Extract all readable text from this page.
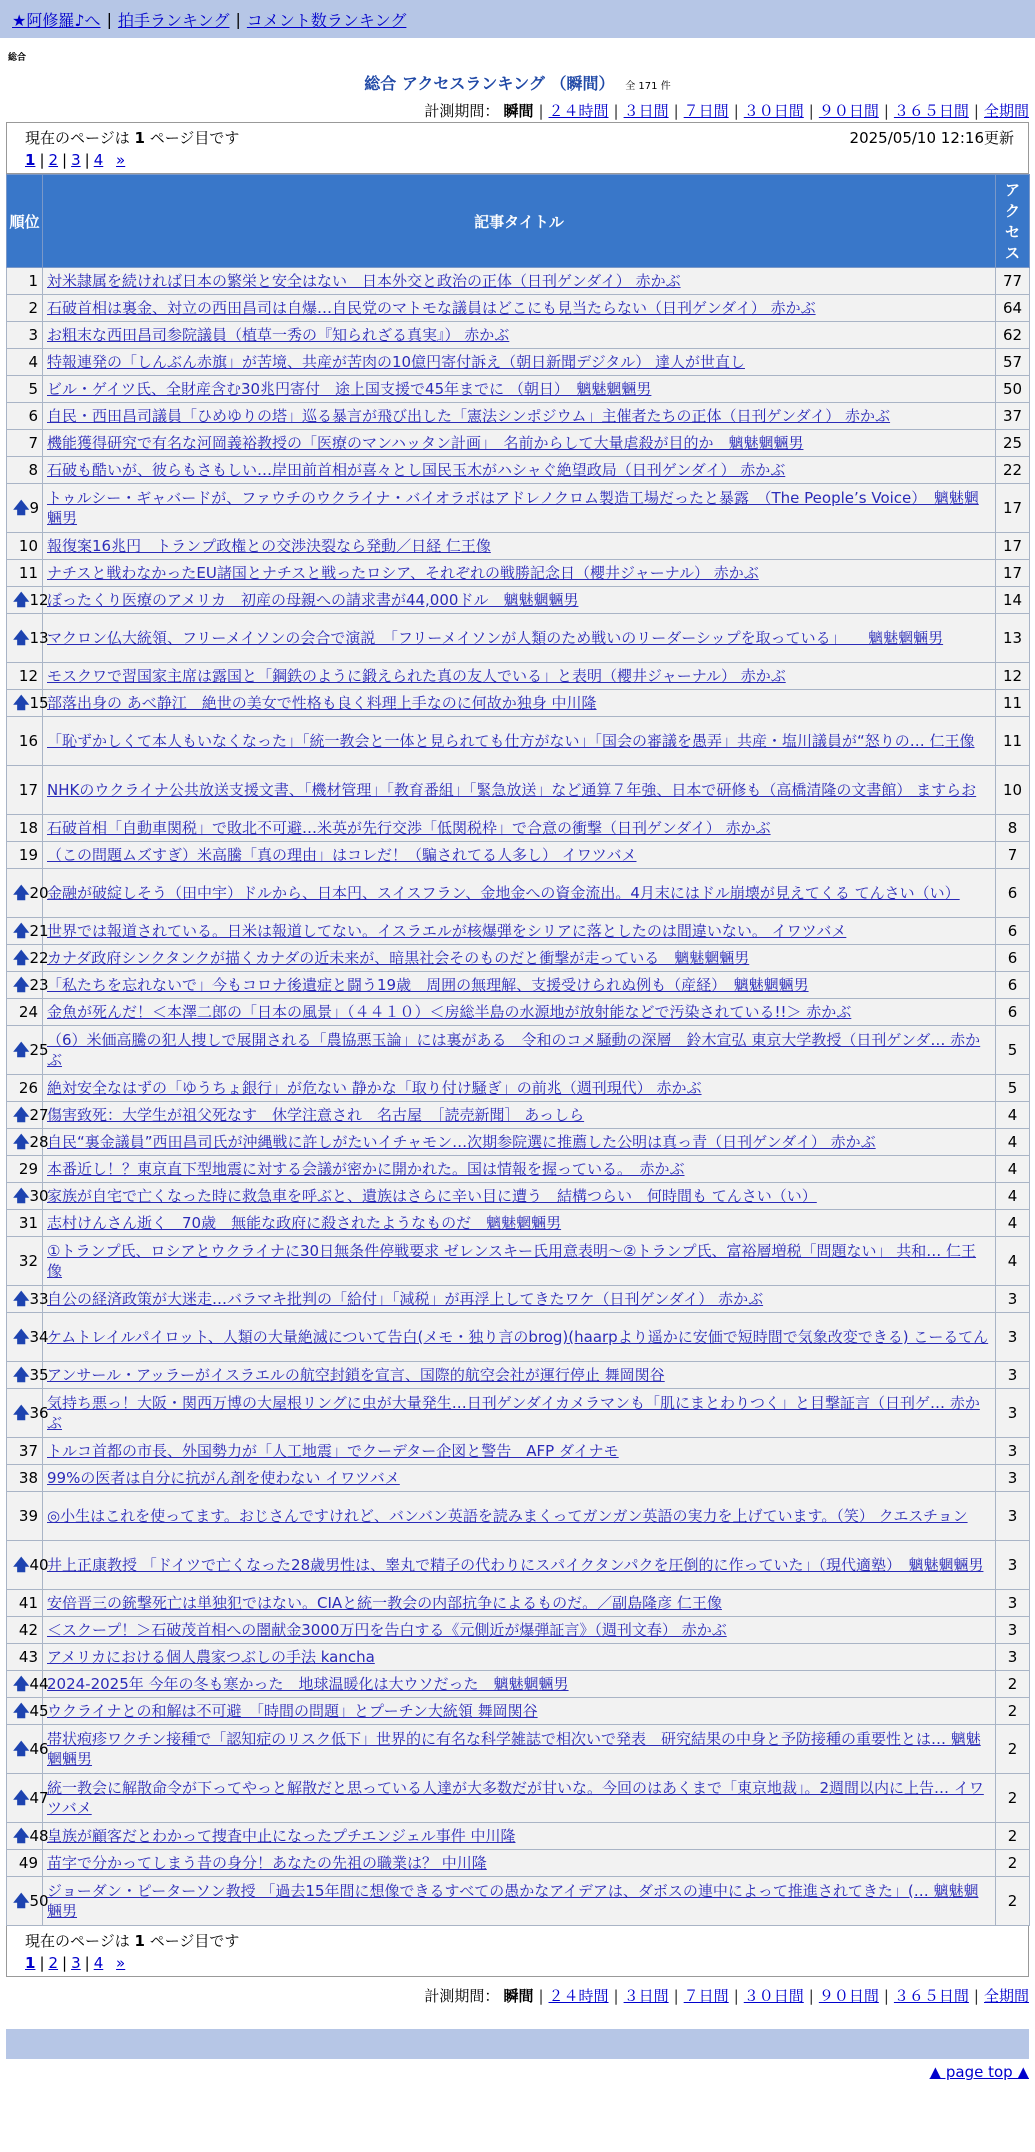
★阿修羅♪へ | 拍手ランキング | コメント数ランキング
総合
総合 アクセスランキング （瞬間） 全 171 件
計測期間： 瞬間 | ２４時間 | ３日間 | ７日間 | ３０日間 | ９０日間 | ３６５日間 | 全期間
現在のページは 1 ページ目です	2025/05/10 12:16更新
1 | 2 | 3 | 4 »
順位	記事タイトル	アクセス
1	対米隷属を続ければ日本の繁栄と安全はない　日本外交と政治の正体（日刊ゲンダイ） 赤かぶ	77
2	石破首相は裏金、対立の西田昌司は自爆…自民党のマトモな議員はどこにも見当たらない（日刊ゲンダイ） 赤かぶ	64
3	お粗末な西田昌司参院議員（植草一秀の『知られざる真実』） 赤かぶ	62
4	特報連発の「しんぶん赤旗」が苦境、共産が苦肉の10億円寄付訴え（朝日新聞デジタル） 達人が世直し	57
5	ビル・ゲイツ氏、全財産含む30兆円寄付　途上国支援で45年までに （朝日）　魑魅魍魎男	50
6	自民・西田昌司議員「ひめゆりの塔」巡る暴言が飛び出した「憲法シンポジウム」主催者たちの正体（日刊ゲンダイ） 赤かぶ	37
7	機能獲得研究で有名な河岡義裕教授の「医療のマンハッタン計画」　名前からして大量虐殺が目的か　魑魅魍魎男	25
8	石破も酷いが、彼らもさもしい…岸田前首相が喜々とし国民玉木がハシャぐ絶望政局（日刊ゲンダイ） 赤かぶ	22

🡅 9	トゥルシー・ギャバードが、ファウチのウクライナ・バイオラボはアドレノクロム製造工場だったと暴露　（The People’s Voice）　魑魅魍魎男	17
10	報復案16兆円　トランプ政権との交渉決裂なら発動／日経 仁王像	17
11	ナチスと戦わなかったEU諸国とナチスと戦ったロシア、それぞれの戦勝記念日（櫻井ジャーナル） 赤かぶ	17

🡅 12	ぼったくり医療のアメリカ　初産の母親への請求書が44,000ドル　魑魅魍魎男	14

🡅 13	マクロン仏大統領、フリーメイソンの会合で演説　「フリーメイソンが人類のため戦いのリーダーシップを取っている」　　魑魅魍魎男	13
12	モスクワで習国家主席は露国と「鋼鉄のように鍛えられた真の友人でいる」と表明（櫻井ジャーナル） 赤かぶ	12

🡅 15	部落出身の あべ静江　絶世の美女で性格も良く料理上手なのに何故か独身 中川隆	11
16	「恥ずかしくて本人もいなくなった」「統一教会と一体と見られても仕方がない」「国会の審議を愚弄」共産・塩川議員が“怒りの… 仁王像	11
17	NHKのウクライナ公共放送支援文書、「機材管理」「教育番組」「緊急放送」など通算７年強、日本で研修も（高橋清隆の文書館） ますらお	10
18	石破首相「自動車関税」で敗北不可避…米英が先行交渉「低関税枠」で合意の衝撃（日刊ゲンダイ） 赤かぶ	8
19	（この問題ムズすぎ）米高騰「真の理由」はコレだ！（騙されてる人多し） イワツバメ	7

🡅 20	金融が破綻しそう（田中宇）ドルから、日本円、スイスフラン、金地金への資金流出。4月末にはドル崩壊が見えてくる てんさい（い）	6

🡅 21	世界では報道されている。日米は報道してない。イスラエルが核爆弾をシリアに落としたのは間違いない。 イワツバメ	6

🡅 22	カナダ政府シンクタンクが描くカナダの近未来が、暗黒社会そのものだと衝撃が走っている　魑魅魍魎男	6

🡅 23	「私たちを忘れないで」今もコロナ後遺症と闘う19歳　周囲の無理解、支援受けられぬ例も（産経）　魑魅魍魎男	6
24	金魚が死んだ！＜本澤二郎の「日本の風景」（４４１０）＜房総半島の水源地が放射能などで汚染されている!!＞ 赤かぶ	6

🡅 25	（6）米価高騰の犯人捜しで展開される「農協悪玉論」には裏がある　令和のコメ騒動の深層　鈴木宣弘 東京大学教授（日刊ゲンダ… 赤かぶ	5
26	絶対安全なはずの「ゆうちょ銀行」が危ない 静かな「取り付け騒ぎ」の前兆（週刊現代） 赤かぶ	5

🡅 27	傷害致死：大学生が祖父死なす　休学注意され　名古屋　［読売新聞］ あっしら	4

🡅 28	自民“裏金議員”西田昌司氏が沖縄戦に許しがたいイチャモン…次期参院選に推薦した公明は真っ青（日刊ゲンダイ） 赤かぶ	4
29	本番近し！？東京直下型地震に対する会議が密かに開かれた。国は情報を握っている。　赤かぶ	4

🡅 30	家族が自宅で亡くなった時に救急車を呼ぶと、遺族はさらに辛い目に遭う　結構つらい　何時間も てんさい（い）	4
31	志村けんさん逝く　70歳　無能な政府に殺されたようなものだ　魑魅魍魎男	4
32	①トランプ氏、ロシアとウクライナに30日無条件停戦要求 ゼレンスキー氏用意表明～②トランプ氏、富裕層増税「問題ない」 共和… 仁王像	4

🡅 33	自公の経済政策が大迷走…バラマキ批判の「給付」「減税」が再浮上してきたワケ（日刊ゲンダイ） 赤かぶ	3

🡅 34	ケムトレイルパイロット、人類の大量絶滅について告白(メモ・独り言のbrog)(haarpより遥かに安価で短時間で気象改変できる) こーるてん	3

🡅 35	アンサール・アッラーがイスラエルの航空封鎖を宣言、国際的航空会社が運行停止 舞岡関谷	3

🡅 36	気持ち悪っ！大阪・関西万博の大屋根リングに虫が大量発生…日刊ゲンダイカメラマンも「肌にまとわりつく」と目撃証言（日刊ゲ… 赤かぶ	3
37	トルコ首都の市長、外国勢力が「人工地震」でクーデター企図と警告　AFP ダイナモ	3
38	99%の医者は自分に抗がん剤を使わない イワツバメ	3
39	◎小生はこれを使ってます。おじさんですけれど、バンバン英語を読みまくってガンガン英語の実力を上げています。（笑） クエスチョン	3

🡅 40	井上正康教授 「ドイツで亡くなった28歳男性は、睾丸で精子の代わりにスパイクタンパクを圧倒的に作っていた」（現代適塾）　魑魅魍魎男	3
41	安倍晋三の銃撃死亡は単独犯ではない。CIAと統一教会の内部抗争によるものだ。／副島隆彦 仁王像	3
42	＜スクープ！＞石破茂首相への闇献金3000万円を告白する《元側近が爆弾証言》（週刊文春） 赤かぶ	3
43	アメリカにおける個人農家つぶしの手法 kancha	3

🡅 44	2024-2025年 今年の冬も寒かった　地球温暖化は大ウソだった　魑魅魍魎男	2

🡅 45	ウクライナとの和解は不可避　「時間の問題」とプーチン大統領 舞岡関谷	2

🡅 46	帯状疱疹ワクチン接種で「認知症のリスク低下」世界的に有名な科学雑誌で相次いで発表　研究結果の中身と予防接種の重要性とは… 魑魅魍魎男	2

🡅 47	統一教会に解散命令が下ってやっと解散だと思っている人達が大多数だが甘いな。今回のはあくまで「東京地裁」。2週間以内に上告… イワツバメ	2

🡅 48	皇族が顧客だとわかって捜査中止になったプチエンジェル事件 中川隆	2
49	苗字で分かってしまう昔の身分！あなたの先祖の職業は？ 中川隆	2

🡅 50	ジョーダン・ピーターソン教授 「過去15年間に想像できるすべての愚かなアイデアは、ダボスの連中によって推進されてきた」(… 魑魅魍魎男	2
現在のページは 1 ページ目です
1 | 2 | 3 | 4 »
計測期間： 瞬間 | ２４時間 | ３日間 | ７日間 | ３０日間 | ９０日間 | ３６５日間 | 全期間
▲ page top ▲
